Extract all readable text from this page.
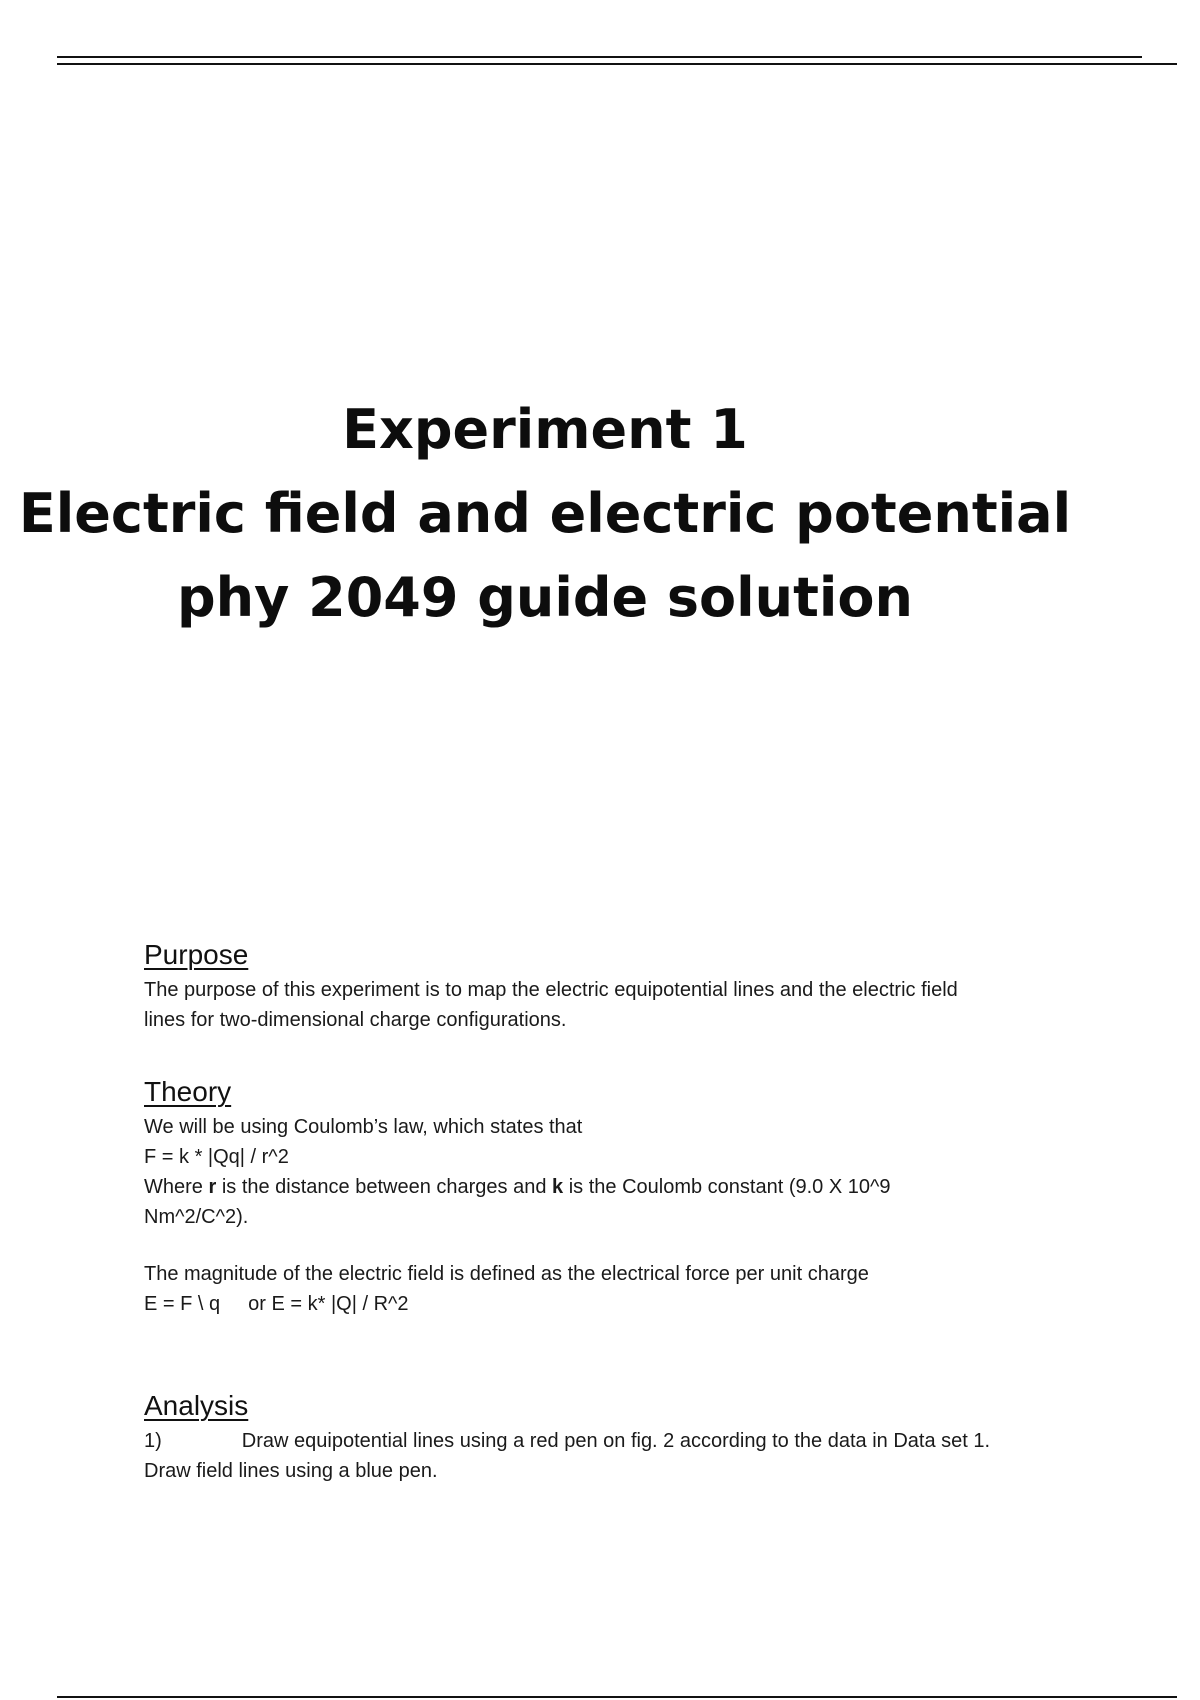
Experiment 1
Electric field and electric potential
phy 2049 guide solution
Purpose

The purpose of this experiment is to map the electric equipotential lines and the electric field

lines for two-dimensional charge configurations.

Theory

We will be using Coulomb’s law, which states that

F = k * |Qq| / r^2

Where r is the distance between charges and k is the Coulomb constant (9.0 X 10^9

Nm^2/C^2).

The magnitude of the electric field is defined as the electrical force per unit charge

E = F \ q or E = k* |Q| / R^2

Analysis

1)	Draw equipotential lines using a red pen on fig. 2 according to the data in Data set 1.

Draw field lines using a blue pen.
